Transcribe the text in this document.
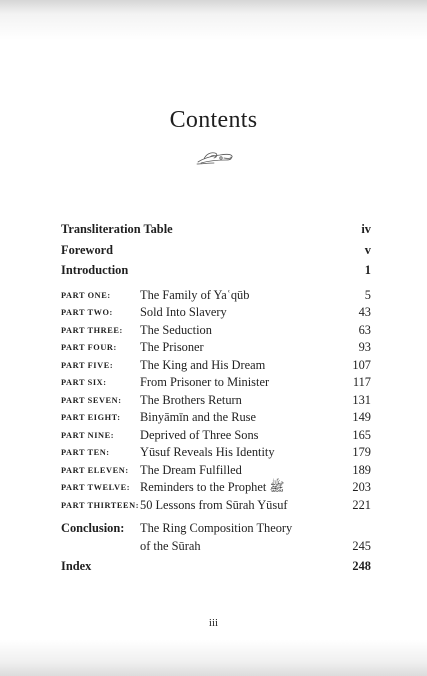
Contents
Transliteration Table	iv
Foreword	v
Introduction	1
PART ONE: The Family of Yaʿqūb	5
PART TWO: Sold Into Slavery	43
PART THREE: The Seduction	63
PART FOUR: The Prisoner	93
PART FIVE: The King and His Dream	107
PART SIX:	From Prisoner to Minister	117
PART SEVEN: The Brothers Return	131
PART EIGHT: Binyāmīn and the Ruse	149
PART NINE: Deprived of Three Sons	165
PART TEN: Yūsuf Reveals His Identity	179
PART ELEVEN: The Dream Fulfilled	189
PART TWELVE: Reminders to the Prophet ﷺ	203
PART THIRTEEN: 50 Lessons from Sūrah Yūsuf	221
Conclusion: The Ring Composition Theory
of the Sūrah	245
Index	248
iii
